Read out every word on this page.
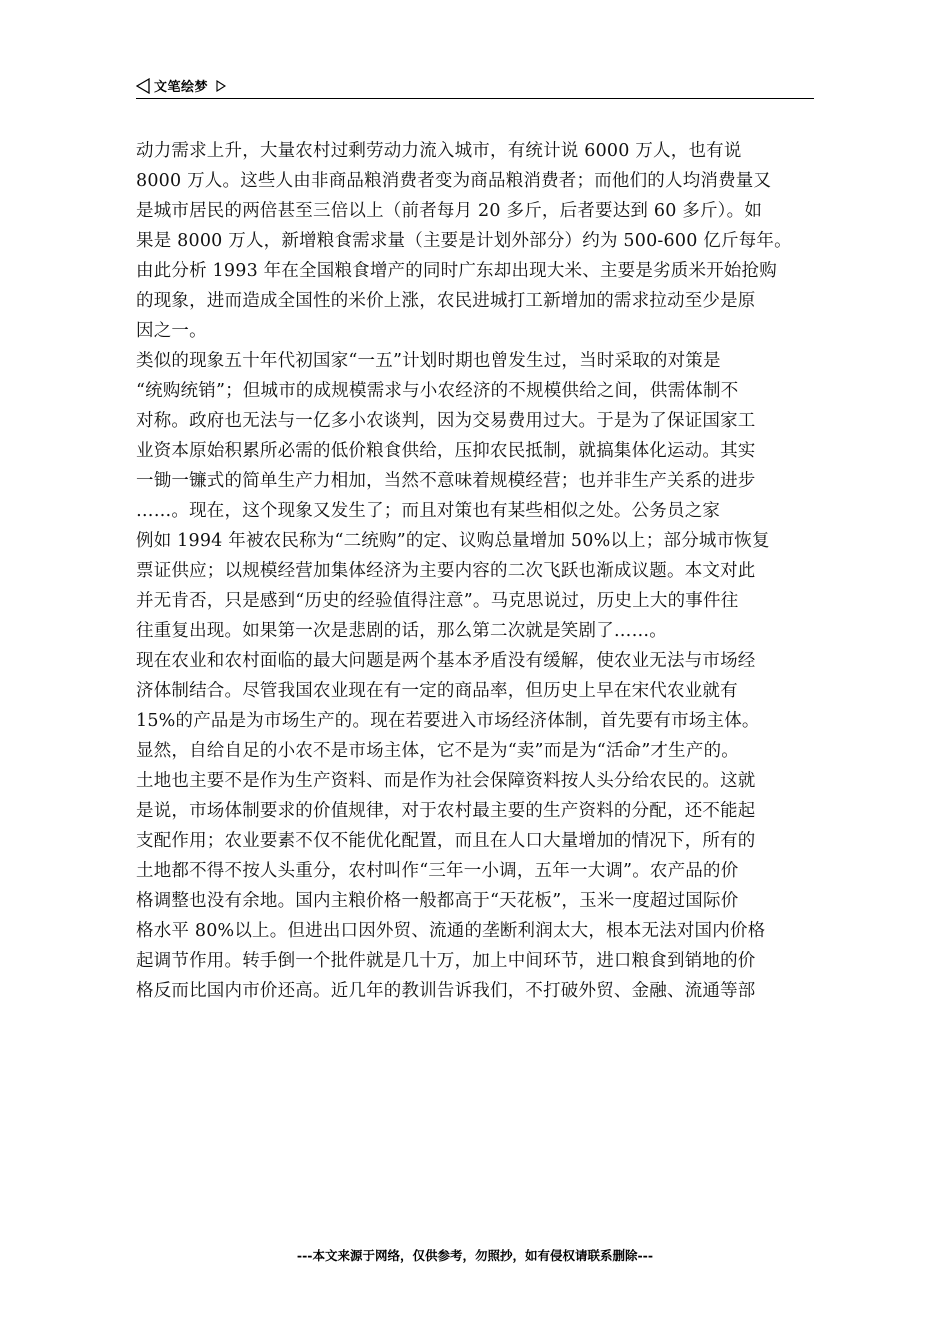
文笔绘梦
动力需求上升，大量农村过剩劳动力流入城市，有统计说 6000 万人，也有说
8000 万人。这些人由非商品粮消费者变为商品粮消费者；而他们的人均消费量又
是城市居民的两倍甚至三倍以上（前者每月 20 多斤，后者要达到 60 多斤）。如
果是 8000 万人，新增粮食需求量（主要是计划外部分）约为 500-600 亿斤每年。
由此分析 1993 年在全国粮食增产的同时广东却出现大米、主要是劣质米开始抢购
的现象，进而造成全国性的米价上涨，农民进城打工新增加的需求拉动至少是原
因之一。
类似的现象五十年代初国家“一五”计划时期也曾发生过，当时采取的对策是
“统购统销”；但城市的成规模需求与小农经济的不规模供给之间，供需体制不
对称。政府也无法与一亿多小农谈判，因为交易费用过大。于是为了保证国家工
业资本原始积累所必需的低价粮食供给，压抑农民抵制，就搞集体化运动。其实
一锄一镰式的简单生产力相加，当然不意味着规模经营；也并非生产关系的进步
……。现在，这个现象又发生了；而且对策也有某些相似之处。公务员之家
例如 1994 年被农民称为“二统购”的定、议购总量增加 50%以上；部分城市恢复
票证供应；以规模经营加集体经济为主要内容的二次飞跃也渐成议题。本文对此
并无肯否，只是感到“历史的经验值得注意”。马克思说过，历史上大的事件往
往重复出现。如果第一次是悲剧的话，那么第二次就是笑剧了……。
现在农业和农村面临的最大问题是两个基本矛盾没有缓解，使农业无法与市场经
济体制结合。尽管我国农业现在有一定的商品率，但历史上早在宋代农业就有
15%的产品是为市场生产的。现在若要进入市场经济体制，首先要有市场主体。
显然，自给自足的小农不是市场主体，它不是为“卖”而是为“活命”才生产的。
土地也主要不是作为生产资料、而是作为社会保障资料按人头分给农民的。这就
是说，市场体制要求的价值规律，对于农村最主要的生产资料的分配，还不能起
支配作用；农业要素不仅不能优化配置，而且在人口大量增加的情况下，所有的
土地都不得不按人头重分，农村叫作“三年一小调，五年一大调”。农产品的价
格调整也没有余地。国内主粮价格一般都高于“天花板”，玉米一度超过国际价
格水平 80%以上。但进出口因外贸、流通的垄断利润太大，根本无法对国内价格
起调节作用。转手倒一个批件就是几十万，加上中间环节，进口粮食到销地的价
格反而比国内市价还高。近几年的教训告诉我们，不打破外贸、金融、流通等部
---本文来源于网络，仅供参考，勿照抄，如有侵权请联系删除---
